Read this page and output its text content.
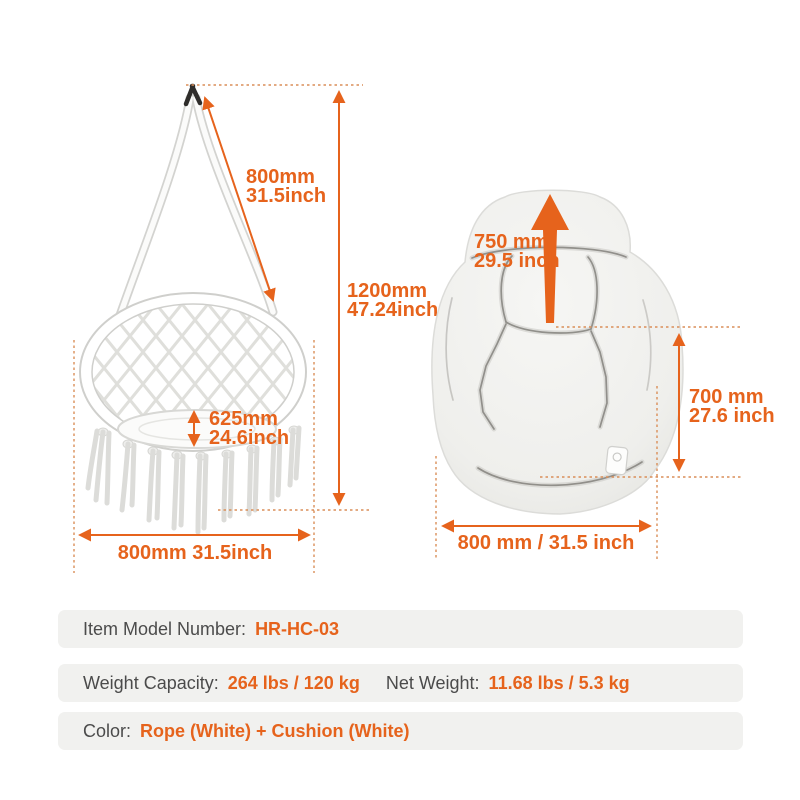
800mm
31.5inch
1200mm
47.24inch
625mm
24.6inch
800mm 31.5inch
750 mm
29.5 inch
700 mm
27.6 inch
800 mm / 31.5 inch
Item Model Number: HR-HC-03
Weight Capacity: 264 lbs / 120 kg Net Weight: 11.68 lbs / 5.3 kg
Color: Rope (White) + Cushion (White)
